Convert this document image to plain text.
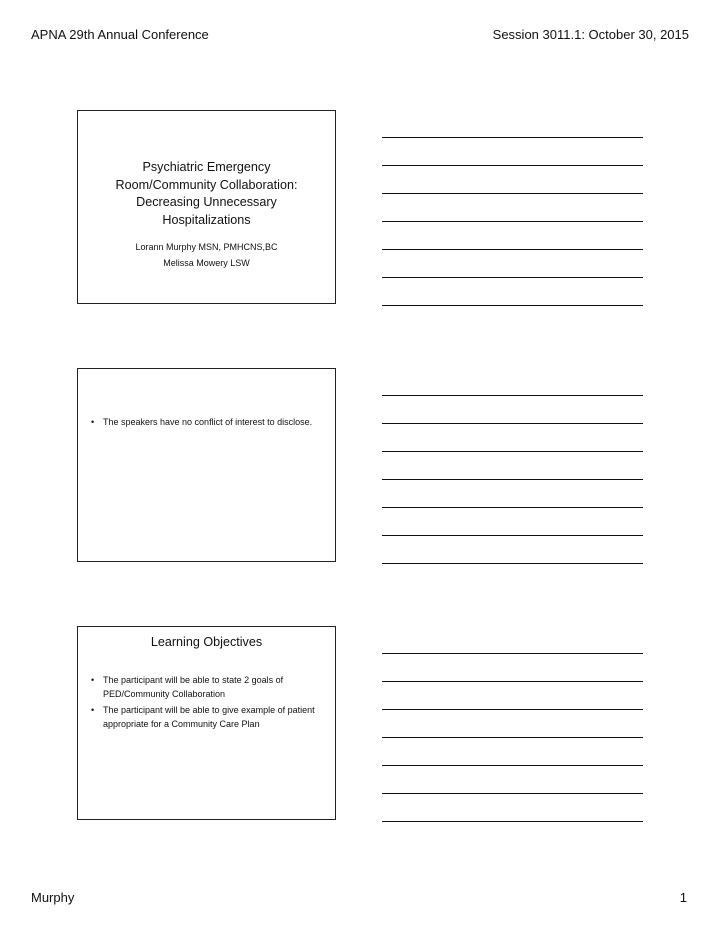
APNA 29th Annual Conference	Session 3011.1: October 30, 2015
Psychiatric Emergency
Room/Community Collaboration:
Decreasing Unnecessary
Hospitalizations
Lorann Murphy MSN, PMHCNS,BC
Melissa Mowery LSW
• The speakers have no conflict of interest to disclose.
Learning Objectives
• The participant will be able to state 2 goals of PED/Community Collaboration
• The participant will be able to give example of patient appropriate for a Community Care Plan
Murphy	1
